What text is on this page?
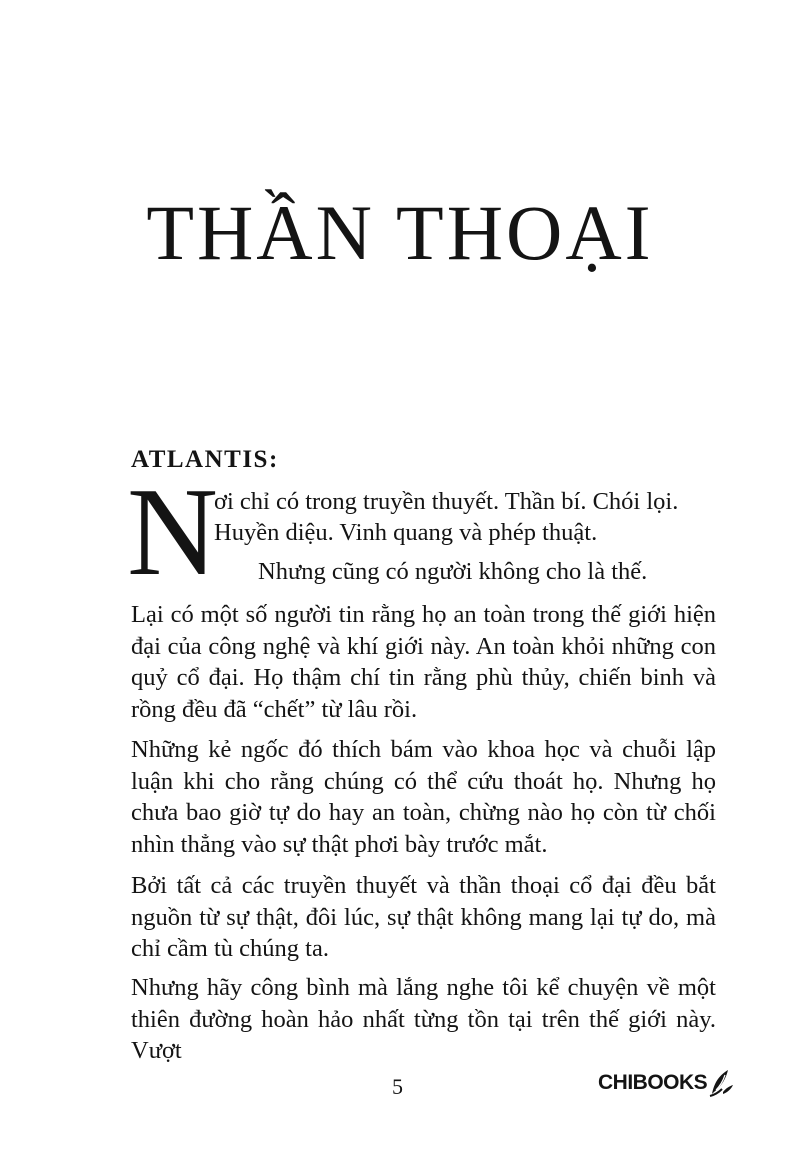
THẦN THOẠI
ATLANTIS:
N
ơi chỉ có trong truyền thuyết. Thần bí. Chói lọi.
Huyền diệu. Vinh quang và phép thuật.
Nhưng cũng có người không cho là thế.

Lại có một số người tin rằng họ an toàn trong thế giới hiện đại của công nghệ và khí giới này. An toàn khỏi những con quỷ cổ đại. Họ thậm chí tin rằng phù thủy, chiến binh và rồng đều đã “chết” từ lâu rồi.

Những kẻ ngốc đó thích bám vào khoa học và chuỗi lập luận khi cho rằng chúng có thể cứu thoát họ. Nhưng họ chưa bao giờ tự do hay an toàn, chừng nào họ còn từ chối nhìn thẳng vào sự thật phơi bày trước mắt.

Bởi tất cả các truyền thuyết và thần thoại cổ đại đều bắt nguồn từ sự thật, đôi lúc, sự thật không mang lại tự do, mà chỉ cầm tù chúng ta.

Nhưng hãy công bình mà lắng nghe tôi kể chuyện về một thiên đường hoàn hảo nhất từng tồn tại trên thế giới này. Vượt

5	CHIBOOKS
